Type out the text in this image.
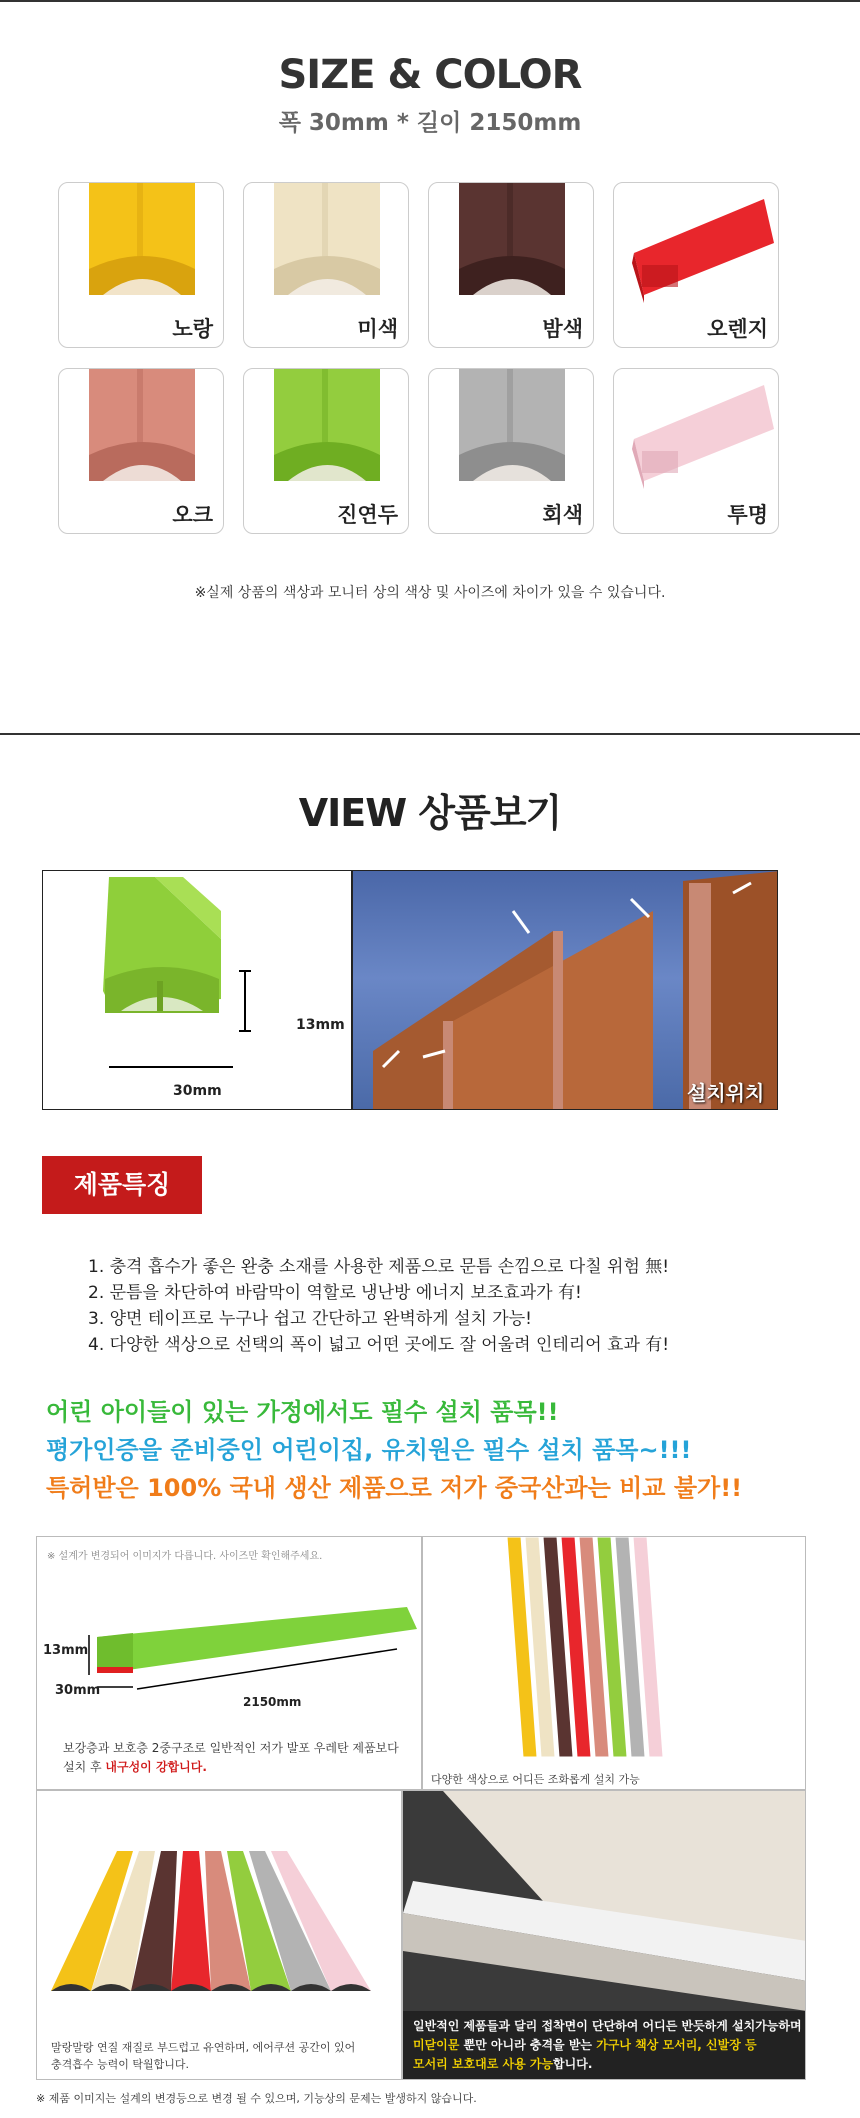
SIZE & COLOR
폭 30mm * 길이 2150mm
노랑	미색	밤색	오렌지
오크	진연두	회색	투명
※실제 상품의 색상과 모니터 상의 색상 및 사이즈에 차이가 있을 수 있습니다.
VIEW 상품보기
13mm
30mm	설치위치
제품특징
1. 충격 흡수가 좋은 완충 소재를 사용한 제품으로 문틈 손낌으로 다칠 위험 無!
2. 문틈을 차단하여 바람막이 역할로 냉난방 에너지 보조효과가 有!
3. 양면 테이프로 누구나 쉽고 간단하고 완벽하게 설치 가능!
4. 다양한 색상으로 선택의 폭이 넓고 어떤 곳에도 잘 어울려 인테리어 효과 有!
어린 아이들이 있는 가정에서도 필수 설치 품목!!
평가인증을 준비중인 어린이집, 유치원은 필수 설치 품목~!!!
특허받은 100% 국내 생산 제품으로 저가 중국산과는 비교 불가!!
※ 설계가 변경되어 이미지가 다릅니다. 사이즈만 확인해주세요.
13mm
30mm
2150mm
보강층과 보호층 2중구조로 일반적인 저가 발포 우레탄 제품보다
설치 후 내구성이 강합니다.
다양한 색상으로 어디든 조화롭게 설치 가능
말랑말랑 연질 재질로 부드럽고 유연하며, 에어쿠션 공간이 있어
충격흡수 능력이 탁월합니다.
일반적인 제품들과 달리 접착면이 단단하여 어디든 반듯하게 설치가능하며
미닫이문 뿐만 아니라 충격을 받는 가구나 책상 모서리, 신발장 등
모서리 보호대로 사용 가능합니다.
※ 제품 이미지는 설계의 변경등으로 변경 될 수 있으며, 기능상의 문제는 발생하지 않습니다.
